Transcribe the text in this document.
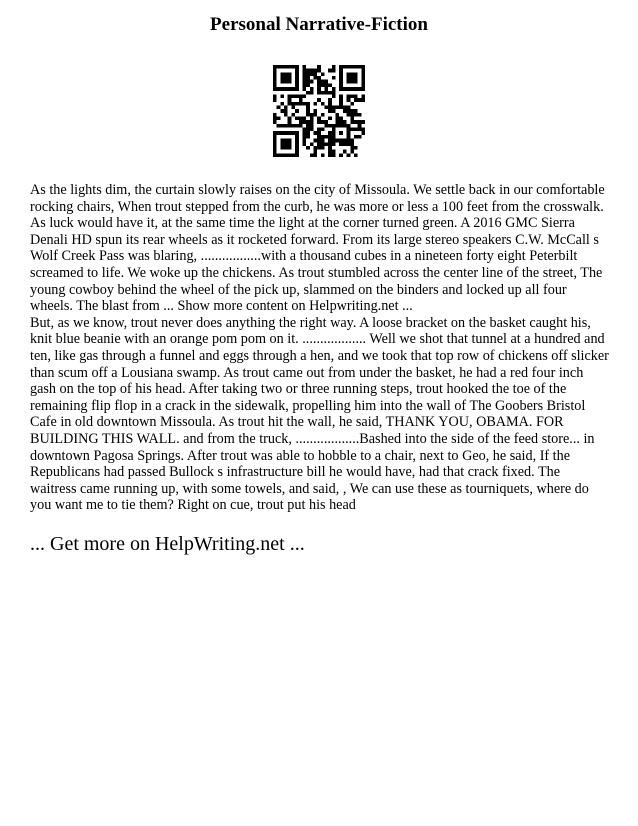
Personal Narrative-Fiction

As the lights dim, the curtain slowly raises on the city of Missoula. We settle back in our comfortable rocking chairs, When trout stepped from the curb, he was more or less a 100 feet from the crosswalk. As luck would have it, at the same time the light at the corner turned green. A 2016 GMC Sierra Denali HD spun its rear wheels as it rocketed forward. From its large stereo speakers C.W. McCall s Wolf Creek Pass was blaring, .................with a thousand cubes in a nineteen forty eight Peterbilt screamed to life. We woke up the chickens. As trout stumbled across the center line of the street, The young cowboy behind the wheel of the pick up, slammed on the binders and locked up all four wheels. The blast from ... Show more content on Helpwriting.net ...

But, as we know, trout never does anything the right way. A loose bracket on the basket caught his, knit blue beanie with an orange pom pom on it. .................. Well we shot that tunnel at a hundred and ten, like gas through a funnel and eggs through a hen, and we took that top row of chickens off slicker than scum off a Lousiana swamp. As trout came out from under the basket, he had a red four inch gash on the top of his head. After taking two or three running steps, trout hooked the toe of the remaining flip flop in a crack in the sidewalk, propelling him into the wall of The Goobers Bristol Cafe in old downtown Missoula. As trout hit the wall, he said, THANK YOU, OBAMA. FOR BUILDING THIS WALL. and from the truck, ..................Bashed into the side of the feed store... in downtown Pagosa Springs. After trout was able to hobble to a chair, next to Geo, he said, If the Republicans had passed Bullock s infrastructure bill he would have, had that crack fixed. The waitress came running up, with some towels, and said, , We can use these as tourniquets, where do you want me to tie them? Right on cue, trout put his head

... Get more on HelpWriting.net ...
